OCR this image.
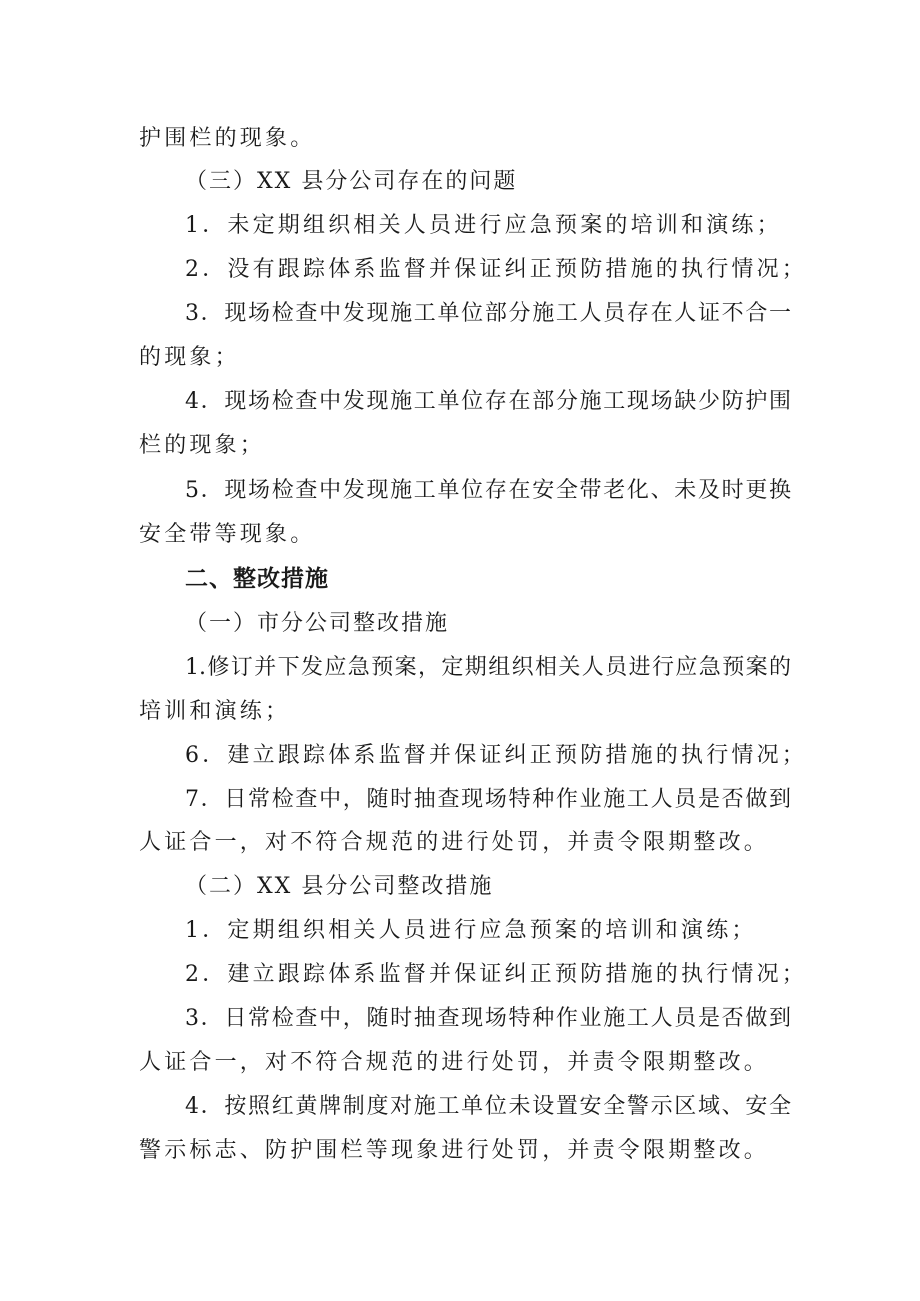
护围栏的现象。
（三）XX 县分公司存在的问题
1．未定期组织相关人员进行应急预案的培训和演练；
2．没有跟踪体系监督并保证纠正预防措施的执行情况；
3．现场检查中发现施工单位部分施工人员存在人证不合一
的现象；
4．现场检查中发现施工单位存在部分施工现场缺少防护围
栏的现象；
5．现场检查中发现施工单位存在安全带老化、未及时更换
安全带等现象。
二、整改措施
（一）市分公司整改措施
1.修订并下发应急预案，定期组织相关人员进行应急预案的
培训和演练；
6．建立跟踪体系监督并保证纠正预防措施的执行情况；
7．日常检查中，随时抽查现场特种作业施工人员是否做到
人证合一，对不符合规范的进行处罚，并责令限期整改。
（二）XX 县分公司整改措施
1．定期组织相关人员进行应急预案的培训和演练；
2．建立跟踪体系监督并保证纠正预防措施的执行情况；
3．日常检查中，随时抽查现场特种作业施工人员是否做到
人证合一，对不符合规范的进行处罚，并责令限期整改。
4．按照红黄牌制度对施工单位未设置安全警示区域、安全
警示标志、防护围栏等现象进行处罚，并责令限期整改。
